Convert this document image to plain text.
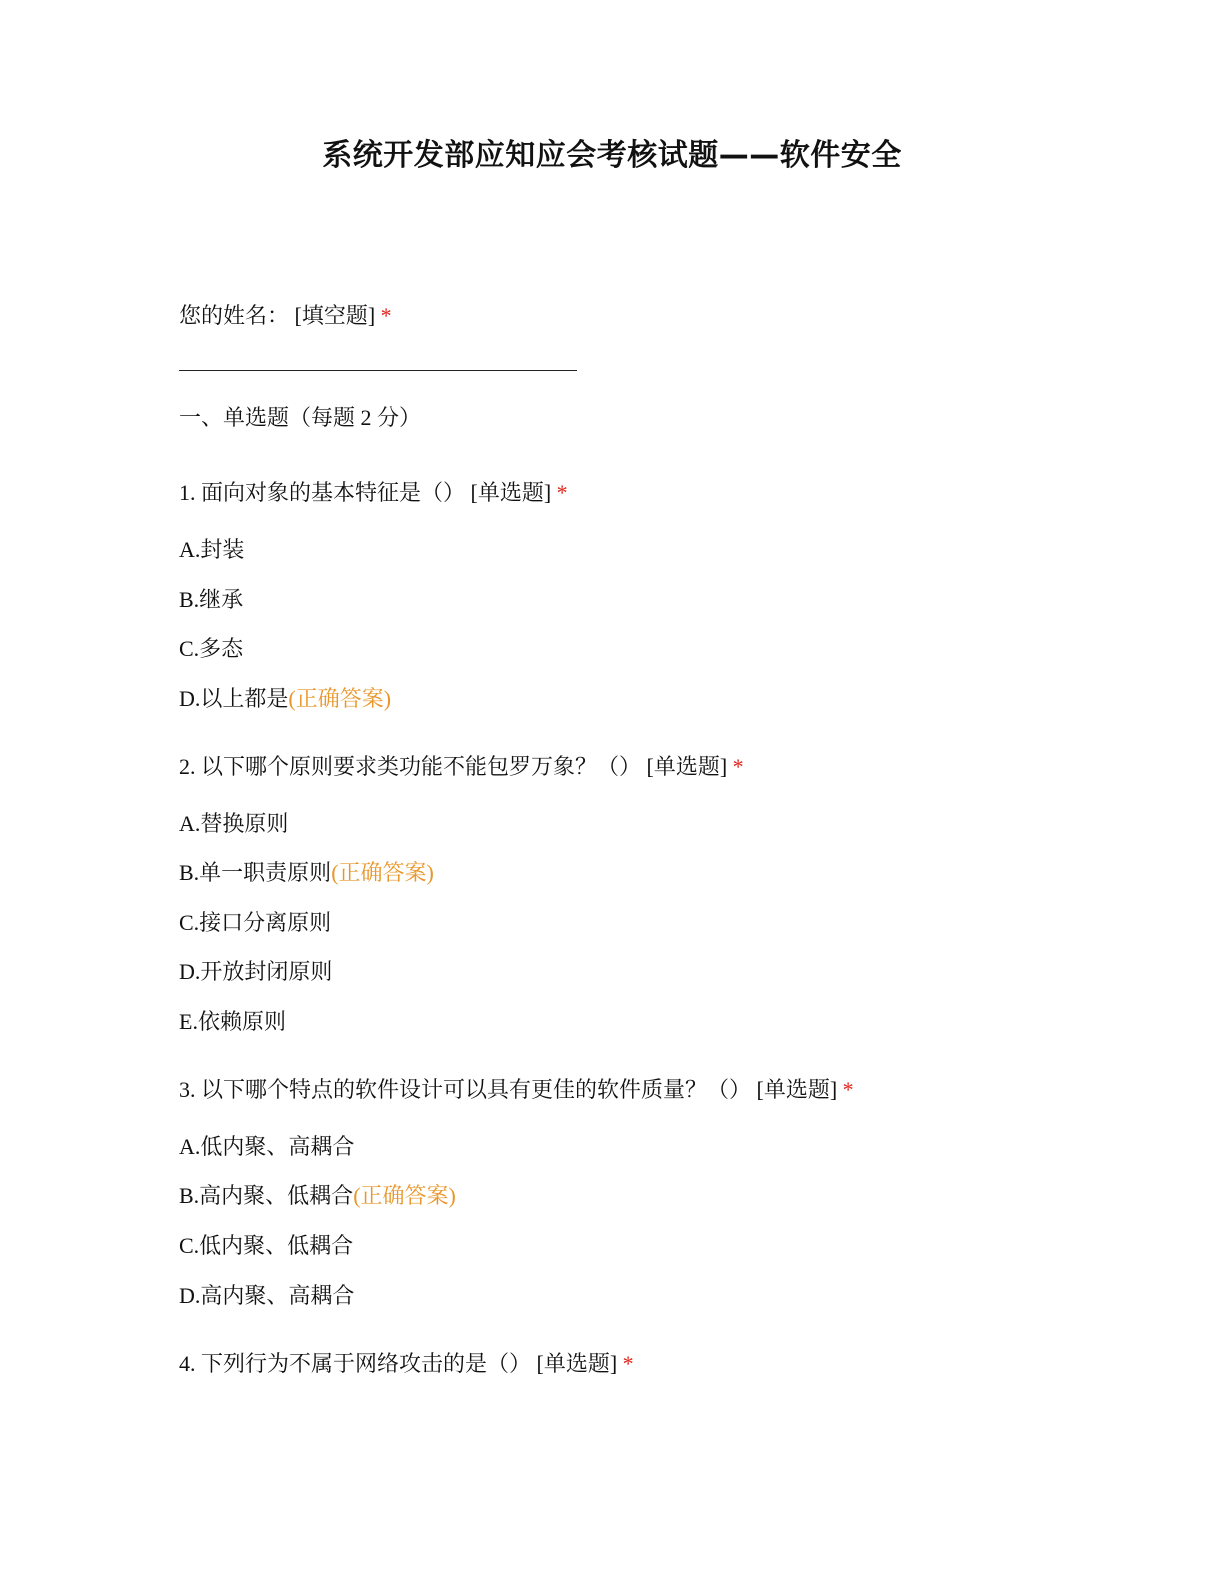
系统开发部应知应会考核试题——软件安全
您的姓名： [填空题] *
一、单选题（每题 2 分）
1. 面向对象的基本特征是（） [单选题] *
A.封装
B.继承
C.多态
D.以上都是(正确答案)
2. 以下哪个原则要求类功能不能包罗万象？（） [单选题] *
A.替换原则
B.单一职责原则(正确答案)
C.接口分离原则
D.开放封闭原则
E.依赖原则
3. 以下哪个特点的软件设计可以具有更佳的软件质量？（） [单选题] *
A.低内聚、高耦合
B.高内聚、低耦合(正确答案)
C.低内聚、低耦合
D.高内聚、高耦合
4. 下列行为不属于网络攻击的是（） [单选题] *
